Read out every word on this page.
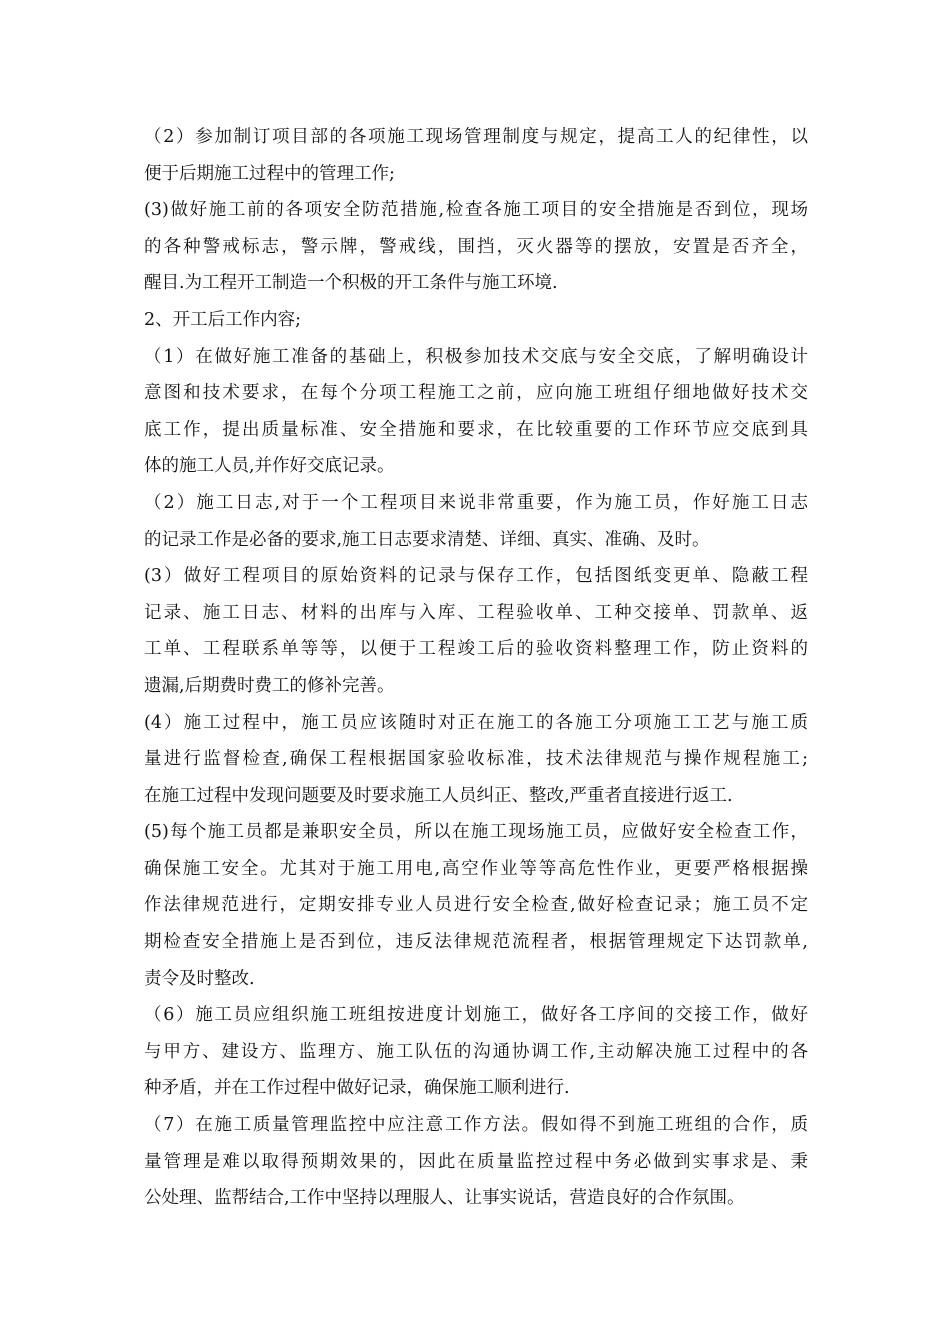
（2）参加制订项目部的各项施工现场管理制度与规定，提高工人的纪律性，以
便于后期施工过程中的管理工作;
(3)做好施工前的各项安全防范措施,检查各施工项目的安全措施是否到位，现场
的各种警戒标志，警示牌，警戒线，围挡，灭火器等的摆放，安置是否齐全，
醒目.为工程开工制造一个积极的开工条件与施工环境.
2、开工后工作内容;
（1）在做好施工准备的基础上，积极参加技术交底与安全交底，了解明确设计
意图和技术要求，在每个分项工程施工之前，应向施工班组仔细地做好技术交
底工作，提出质量标准、安全措施和要求，在比较重要的工作环节应交底到具
体的施工人员,并作好交底记录。
（2）施工日志,对于一个工程项目来说非常重要，作为施工员，作好施工日志
的记录工作是必备的要求,施工日志要求清楚、详细、真实、准确、及时。
(3）做好工程项目的原始资料的记录与保存工作，包括图纸变更单、隐蔽工程
记录、施工日志、材料的出库与入库、工程验收单、工种交接单、罚款单、返
工单、工程联系单等等，以便于工程竣工后的验收资料整理工作，防止资料的
遗漏,后期费时费工的修补完善。
(4）施工过程中，施工员应该随时对正在施工的各施工分项施工工艺与施工质
量进行监督检查,确保工程根据国家验收标准，技术法律规范与操作规程施工;
在施工过程中发现问题要及时要求施工人员纠正、整改,严重者直接进行返工.
(5)每个施工员都是兼职安全员，所以在施工现场施工员，应做好安全检查工作，
确保施工安全。尤其对于施工用电,高空作业等等高危性作业，更要严格根据操
作法律规范进行，定期安排专业人员进行安全检查,做好检查记录；施工员不定
期检查安全措施上是否到位，违反法律规范流程者，根据管理规定下达罚款单,
责令及时整改.
（6）施工员应组织施工班组按进度计划施工，做好各工序间的交接工作，做好
与甲方、建设方、监理方、施工队伍的沟通协调工作,主动解决施工过程中的各
种矛盾，并在工作过程中做好记录，确保施工顺利进行.
（7）在施工质量管理监控中应注意工作方法。假如得不到施工班组的合作，质
量管理是难以取得预期效果的，因此在质量监控过程中务必做到实事求是、秉
公处理、监帮结合,工作中坚持以理服人、让事实说话，营造良好的合作氛围。
